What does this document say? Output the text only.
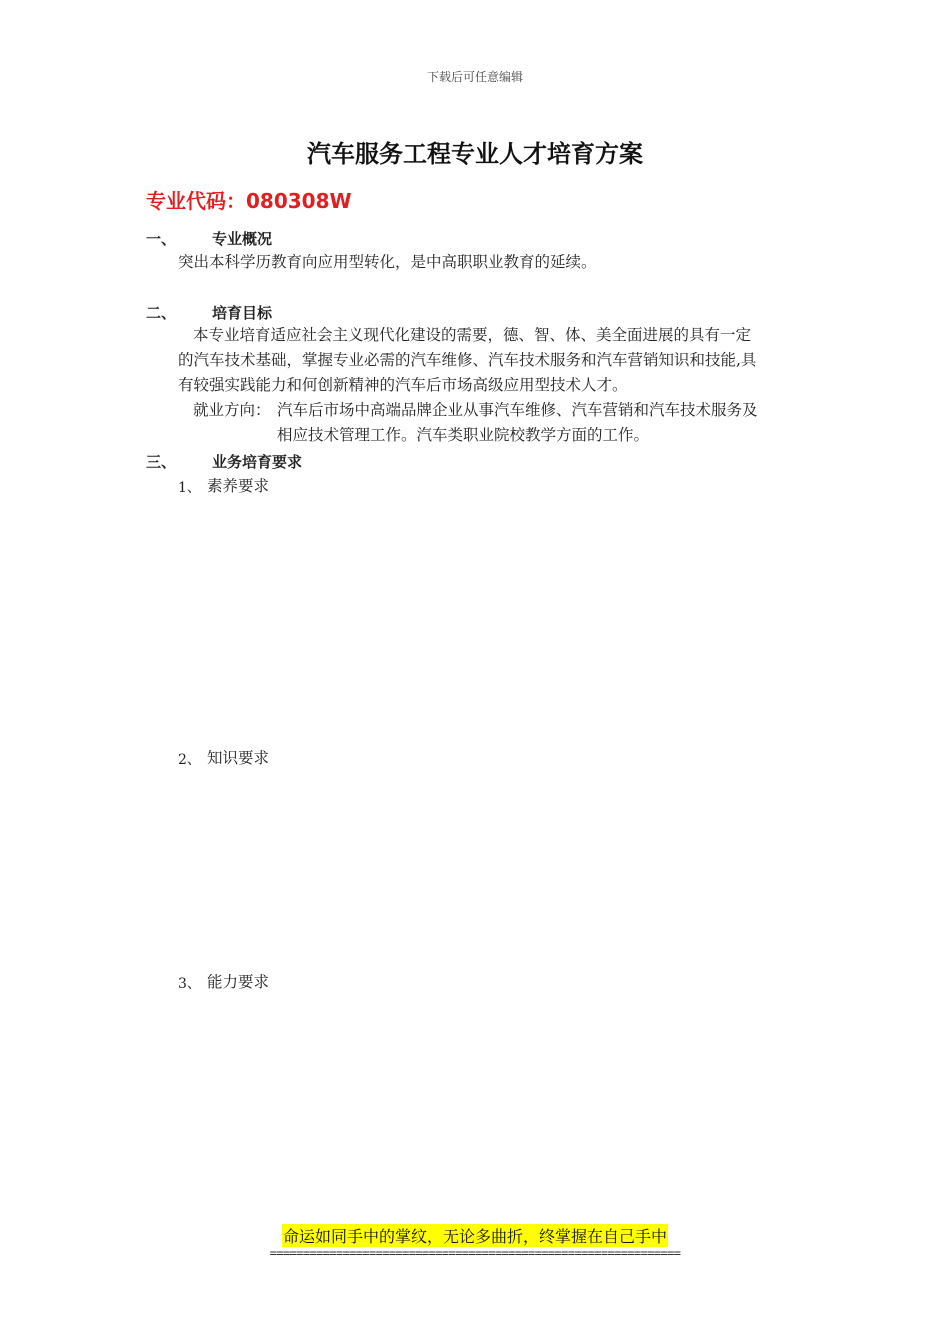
下载后可任意编辑
汽车服务工程专业人才培育方案
专业代码：080308W
一、 专业概况
突出本科学历教育向应用型转化，是中高职职业教育的延续。
二、 培育目标
本专业培育适应社会主义现代化建设的需要，德、智、体、美全面进展的具有一定
的汽车技术基础，掌握专业必需的汽车维修、汽车技术服务和汽车营销知识和技能,具
有较强实践能力和何创新精神的汽车后市场高级应用型技术人才。
就业方向： 汽车后市场中高端品牌企业从事汽车维修、汽车营销和汽车技术服务及
相应技术管理工作。汽车类职业院校教学方面的工作。
三、 业务培育要求
1、 素养要求
2、 知识要求
3、 能力要求
命运如同手中的掌纹，无论多曲折，终掌握在自己手中
==============================================================
